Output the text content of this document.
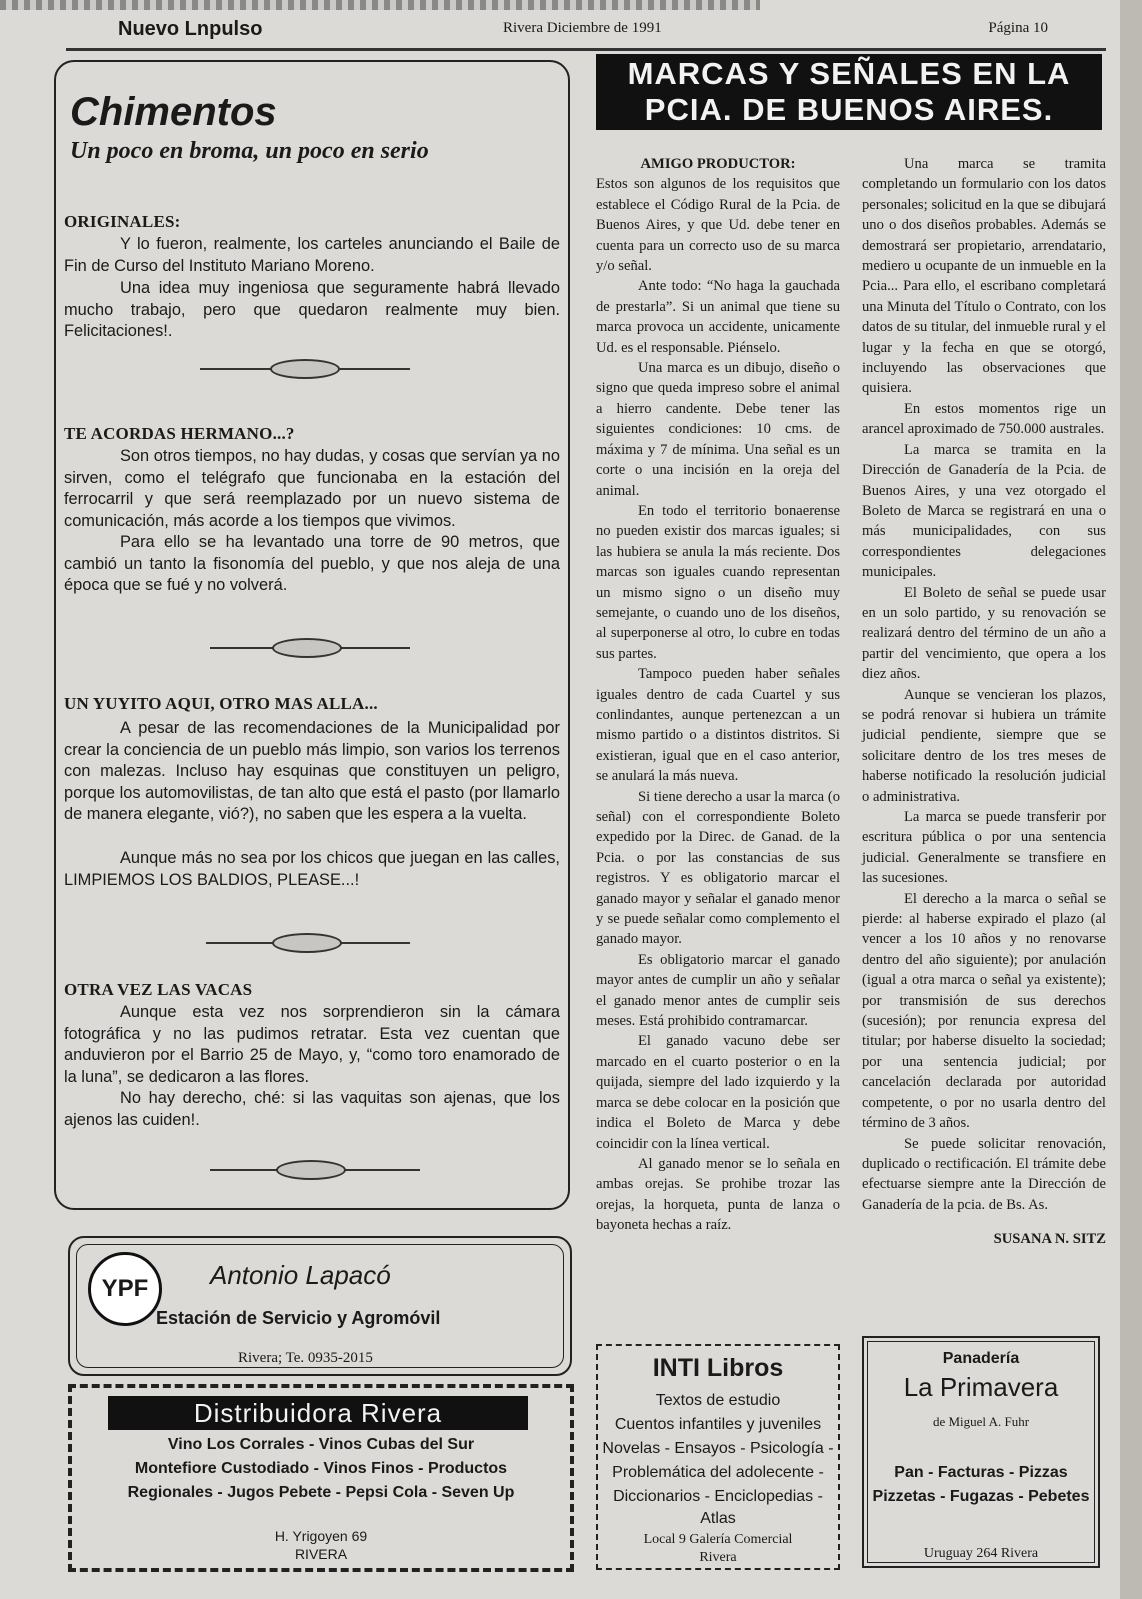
Nuevo Lnpulso	Rivera Diciembre de 1991	Página 10
Chimentos
Un poco en broma, un poco en serio
ORIGINALES:

Y lo fueron, realmente, los carteles anunciando el Baile de Fin de Curso del Instituto Mariano Moreno.

Una idea muy ingeniosa que seguramente habrá llevado mucho trabajo, pero que quedaron realmente muy bien. Felicitaciones!.

TE ACORDAS HERMANO...?

Son otros tiempos, no hay dudas, y cosas que servían ya no sirven, como el telégrafo que funcionaba en la estación del ferrocarril y que será reemplazado por un nuevo sistema de comunicación, más acorde a los tiempos que vivimos.

Para ello se ha levantado una torre de 90 metros, que cambió un tanto la fisonomía del pueblo, y que nos aleja de una época que se fué y no volverá.

UN YUYITO AQUI, OTRO MAS ALLA...

A pesar de las recomendaciones de la Municipalidad por crear la conciencia de un pueblo más limpio, son varios los terrenos con malezas. Incluso hay esquinas que constituyen un peligro, porque los automovilistas, de tan alto que está el pasto (por llamarlo de manera elegante, vió?), no saben que les espera a la vuelta.

Aunque más no sea por los chicos que juegan en las calles, LIMPIEMOS LOS BALDIOS, PLEASE...!

OTRA VEZ LAS VACAS

Aunque esta vez nos sorprendieron sin la cámara fotográfica y no las pudimos retratar. Esta vez cuentan que anduvieron por el Barrio 25 de Mayo, y, “como toro enamorado de la luna”, se dedicaron a las flores.

No hay derecho, ché: si las vaquitas son ajenas, que los ajenos las cuiden!.

MARCAS Y SEÑALES EN LA
PCIA. DE BUENOS AIRES.

AMIGO PRODUCTOR:

Estos son algunos de los requisitos que establece el Código Rural de la Pcia. de Buenos Aires, y que Ud. debe tener en cuenta para un correcto uso de su marca y/o señal.

Ante todo: “No haga la gauchada de prestarla”. Si un animal que tiene su marca provoca un accidente, unicamente Ud. es el responsable. Piénselo.

Una marca es un dibujo, diseño o signo que queda impreso sobre el animal a hierro candente. Debe tener las siguientes condiciones: 10 cms. de máxima y 7 de mínima. Una señal es un corte o una incisión en la oreja del animal.

En todo el territorio bonaerense no pueden existir dos marcas iguales; si las hubiera se anula la más reciente. Dos marcas son iguales cuando representan un mismo signo o un diseño muy semejante, o cuando uno de los diseños, al superponerse al otro, lo cubre en todas sus partes.

Tampoco pueden haber señales iguales dentro de cada Cuartel y sus conlindantes, aunque pertenezcan a un mismo partido o a distintos distritos. Si existieran, igual que en el caso anterior, se anulará la más nueva.

Si tiene derecho a usar la marca (o señal) con el correspondiente Boleto expedido por la Direc. de Ganad. de la Pcia. o por las constancias de sus registros. Y es obligatorio marcar el ganado mayor y señalar el ganado menor y se puede señalar como complemento el ganado mayor.

Es obligatorio marcar el ganado mayor antes de cumplir un año y señalar el ganado menor antes de cumplir seis meses. Está prohibido contramarcar.

El ganado vacuno debe ser marcado en el cuarto posterior o en la quijada, siempre del lado izquierdo y la marca se debe colocar en la posición que indica el Boleto de Marca y debe coincidir con la línea vertical.

Al ganado menor se lo señala en ambas orejas. Se prohibe trozar las orejas, la horqueta, punta de lanza o bayoneta hechas a raíz.

Una marca se tramita completando un formulario con los datos personales; solicitud en la que se dibujará uno o dos diseños probables. Además se demostrará ser propietario, arrendatario, mediero u ocupante de un inmueble en la Pcia... Para ello, el escribano completará una Minuta del Título o Contrato, con los datos de su titular, del inmueble rural y el lugar y la fecha en que se otorgó, incluyendo las observaciones que quisiera.

En estos momentos rige un arancel aproximado de 750.000 australes.

La marca se tramita en la Dirección de Ganadería de la Pcia. de Buenos Aires, y una vez otorgado el Boleto de Marca se registrará en una o más municipalidades, con sus correspondientes delegaciones municipales.

El Boleto de señal se puede usar en un solo partido, y su renovación se realizará dentro del término de un año a partir del vencimiento, que opera a los diez años.

Aunque se vencieran los plazos, se podrá renovar si hubiera un trámite judicial pendiente, siempre que se solicitare dentro de los tres meses de haberse notificado la resolución judicial o administrativa.

La marca se puede transferir por escritura pública o por una sentencia judicial. Generalmente se transfiere en las sucesiones.

El derecho a la marca o señal se pierde: al haberse expirado el plazo (al vencer a los 10 años y no renovarse dentro del año siguiente); por anulación (igual a otra marca o señal ya existente); por transmisión de sus derechos (sucesión); por renuncia expresa del titular; por haberse disuelto la sociedad; por una sentencia judicial; por cancelación declarada por autoridad competente, o por no usarla dentro del término de 3 años.

Se puede solicitar renovación, duplicado o rectificación. El trámite debe efectuarse siempre ante la Dirección de Ganadería de la pcia. de Bs. As.

SUSANA N. SITZ

YPF	Antonio Lapacó
Estación de Servicio y Agromóvil
Rivera; Te. 0935-2015
Distribuidora Rivera
Vino Los Corrales - Vinos Cubas del Sur
Montefiore Custodiado - Vinos Finos - Productos
Regionales - Jugos Pebete - Pepsi Cola - Seven Up
H. Yrigoyen 69
RIVERA
INTI Libros
Textos de estudio
Cuentos infantiles y juveniles
Novelas - Ensayos - Psicología -
Problemática del adolecente -
Diccionarios - Enciclopedias -
Atlas
Local 9 Galería Comercial
Rivera
Panadería
La Primavera
de Miguel A. Fuhr
Pan - Facturas - Pizzas
Pizzetas - Fugazas - Pebetes
Uruguay 264 Rivera
